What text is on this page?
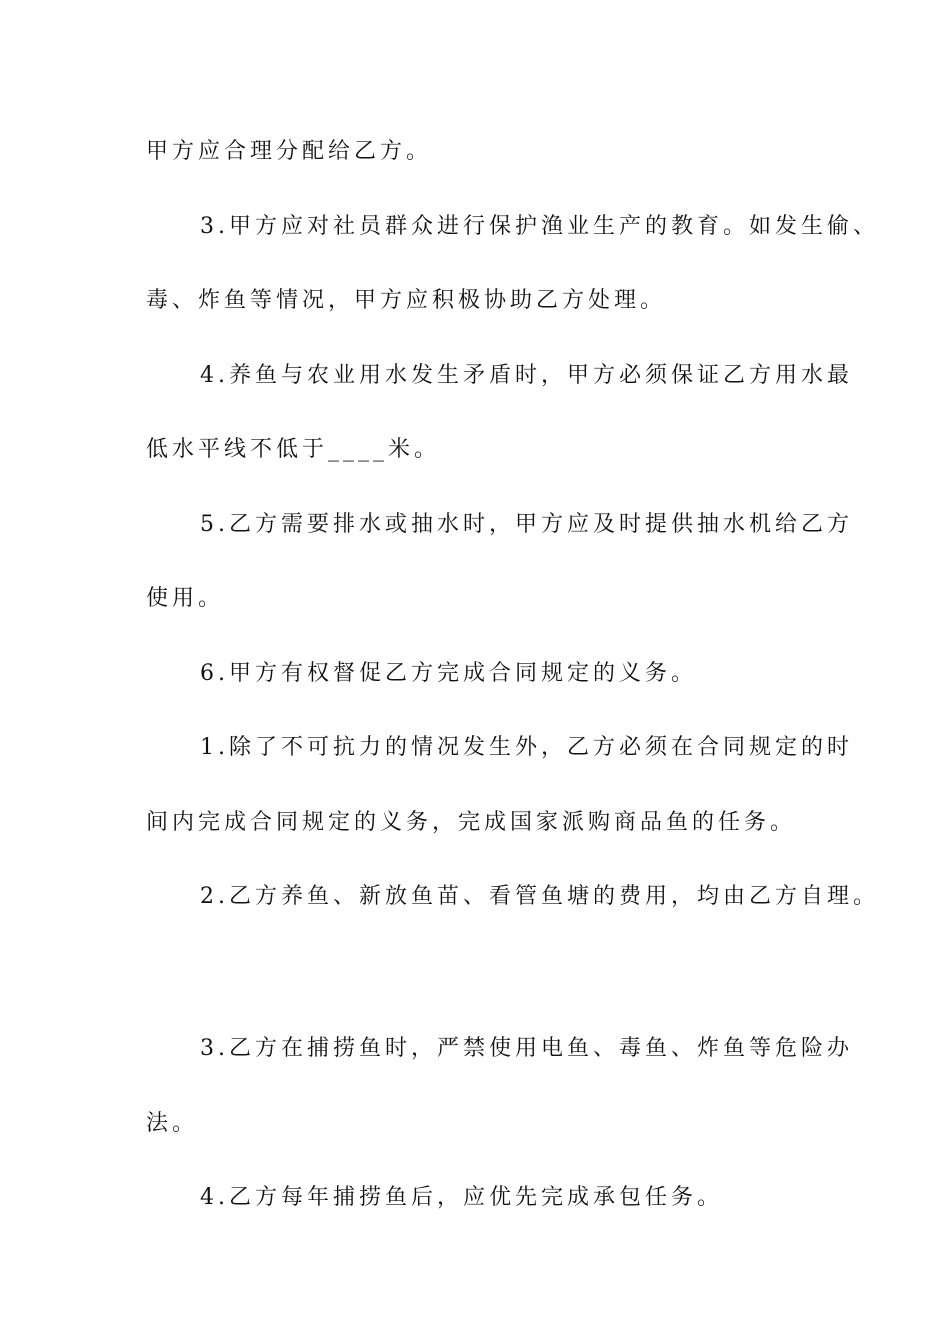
甲方应合理分配给乙方。
3.甲方应对社员群众进行保护渔业生产的教育。如发生偷、
毒、炸鱼等情况，甲方应积极协助乙方处理。
4.养鱼与农业用水发生矛盾时，甲方必须保证乙方用水最
低水平线不低于____米。
5.乙方需要排水或抽水时，甲方应及时提供抽水机给乙方
使用。
6.甲方有权督促乙方完成合同规定的义务。
1.除了不可抗力的情况发生外，乙方必须在合同规定的时
间内完成合同规定的义务，完成国家派购商品鱼的任务。
2.乙方养鱼、新放鱼苗、看管鱼塘的费用，均由乙方自理。
3.乙方在捕捞鱼时，严禁使用电鱼、毒鱼、炸鱼等危险办
法。
4.乙方每年捕捞鱼后，应优先完成承包任务。
